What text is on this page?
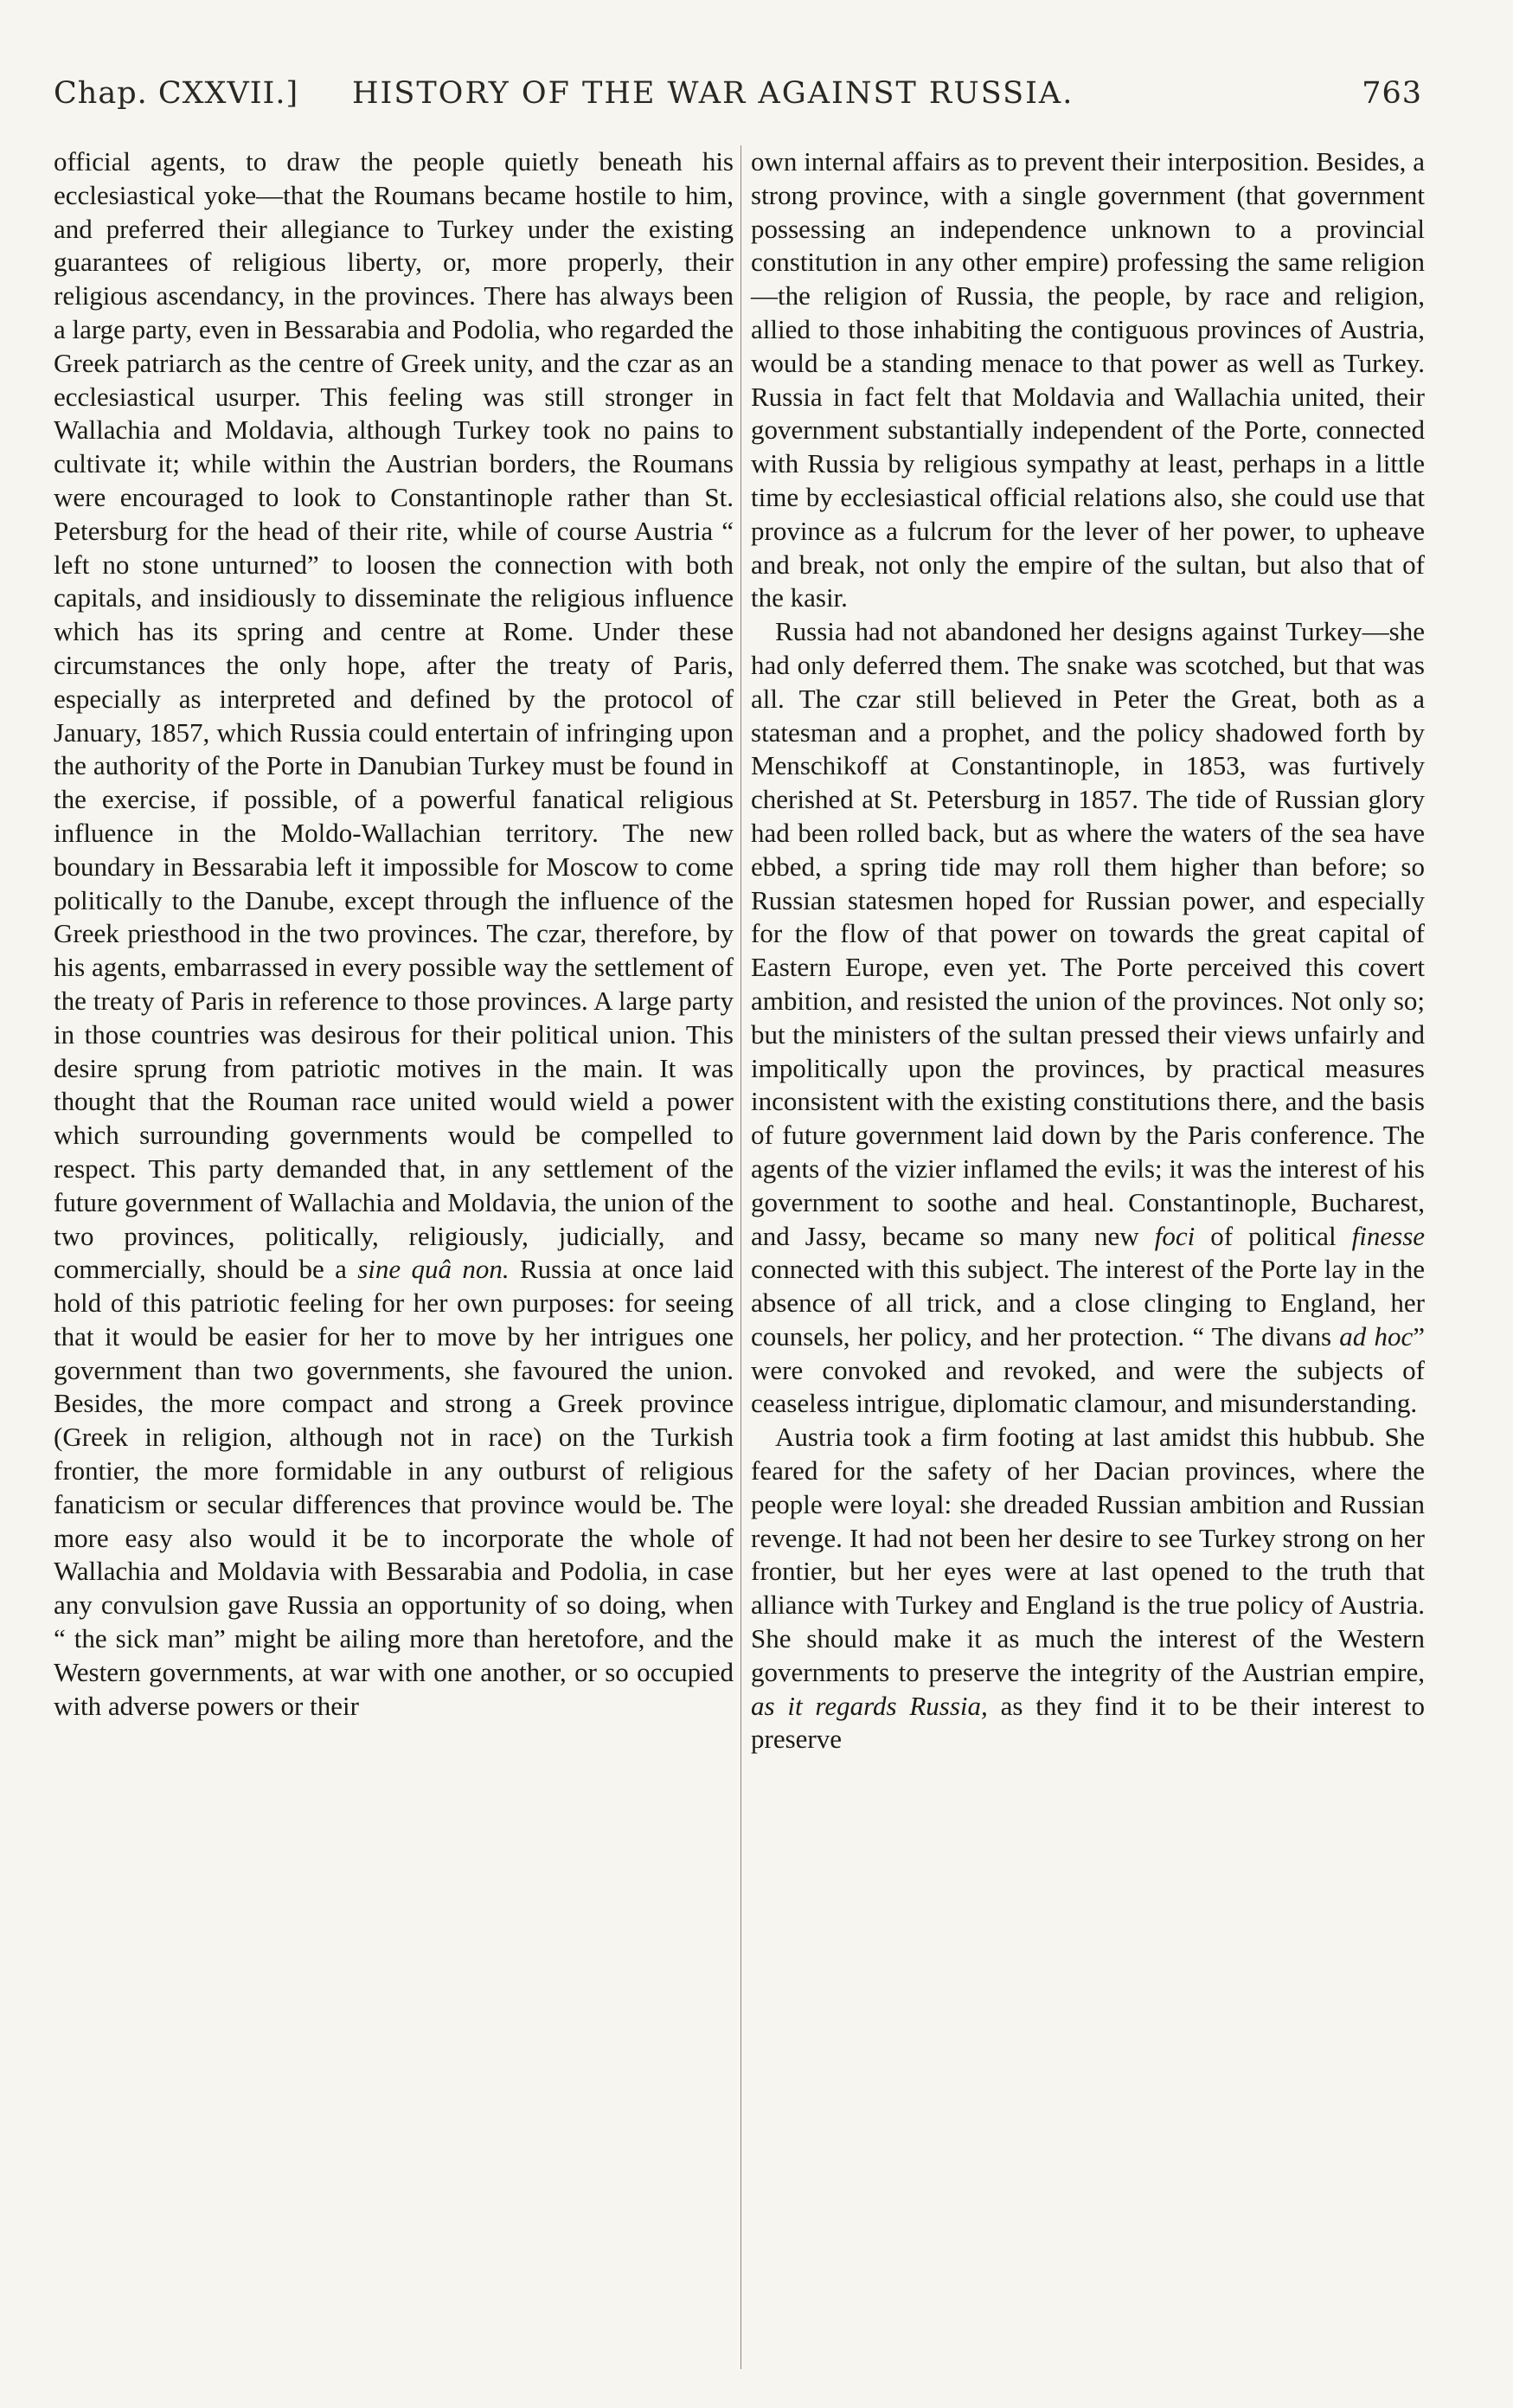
Chap. CXXVII.] HISTORY OF THE WAR AGAINST RUSSIA.	763

official agents, to draw the people quietly beneath his ecclesiastical yoke—that the Roumans became hostile to him, and preferred their allegiance to Turkey under the existing guarantees of religious liberty, or, more properly, their religious ascendancy, in the provinces. There has always been a large party, even in Bessarabia and Podolia, who regarded the Greek patriarch as the centre of Greek unity, and the czar as an ecclesiastical usurper. This feeling was still stronger in Wallachia and Moldavia, although Turkey took no pains to cultivate it; while within the Austrian borders, the Roumans were encouraged to look to Constantinople rather than St. Petersburg for the head of their rite, while of course Austria “ left no stone unturned” to loosen the connection with both capitals, and insidiously to disseminate the religious influence which has its spring and centre at Rome. Under these circumstances the only hope, after the treaty of Paris, especially as interpreted and defined by the protocol of January, 1857, which Russia could entertain of infringing upon the authority of the Porte in Danubian Turkey must be found in the exercise, if possible, of a powerful fanatical religious influence in the Moldo-Wallachian territory. The new boundary in Bessarabia left it impossible for Moscow to come politically to the Danube, except through the influence of the Greek priesthood in the two provinces. The czar, therefore, by his agents, embarrassed in every possible way the settlement of the treaty of Paris in reference to those provinces. A large party in those countries was desirous for their political union. This desire sprung from patriotic motives in the main. It was thought that the Rouman race united would wield a power which surrounding governments would be compelled to respect. This party demanded that, in any settlement of the future government of Wallachia and Moldavia, the union of the two provinces, politically, religiously, judicially, and commercially, should be a sine quâ non. Russia at once laid hold of this patriotic feeling for her own purposes: for seeing that it would be easier for her to move by her intrigues one government than two governments, she favoured the union. Besides, the more compact and strong a Greek province (Greek in religion, although not in race) on the Turkish frontier, the more formidable in any outburst of religious fanaticism or secular differences that province would be. The more easy also would it be to incorporate the whole of Wallachia and Moldavia with Bessarabia and Podolia, in case any convulsion gave Russia an opportunity of so doing, when “ the sick man” might be ailing more than heretofore, and the Western governments, at war with one another, or so occupied with adverse powers or their

own internal affairs as to prevent their interposition. Besides, a strong province, with a single government (that government possessing an independence unknown to a provincial constitution in any other empire) professing the same religion—the religion of Russia, the people, by race and religion, allied to those inhabiting the contiguous provinces of Austria, would be a standing menace to that power as well as Turkey. Russia in fact felt that Moldavia and Wallachia united, their government substantially independent of the Porte, connected with Russia by religious sympathy at least, perhaps in a little time by ecclesiastical official relations also, she could use that province as a fulcrum for the lever of her power, to upheave and break, not only the empire of the sultan, but also that of the kasir.

Russia had not abandoned her designs against Turkey—she had only deferred them. The snake was scotched, but that was all. The czar still believed in Peter the Great, both as a statesman and a prophet, and the policy shadowed forth by Menschikoff at Constantinople, in 1853, was furtively cherished at St. Petersburg in 1857. The tide of Russian glory had been rolled back, but as where the waters of the sea have ebbed, a spring tide may roll them higher than before; so Russian statesmen hoped for Russian power, and especially for the flow of that power on towards the great capital of Eastern Europe, even yet. The Porte perceived this covert ambition, and resisted the union of the provinces. Not only so; but the ministers of the sultan pressed their views unfairly and impolitically upon the provinces, by practical measures inconsistent with the existing constitutions there, and the basis of future government laid down by the Paris conference. The agents of the vizier inflamed the evils; it was the interest of his government to soothe and heal. Constantinople, Bucharest, and Jassy, became so many new foci of political finesse connected with this subject. The interest of the Porte lay in the absence of all trick, and a close clinging to England, her counsels, her policy, and her protection. “ The divans ad hoc” were convoked and revoked, and were the subjects of ceaseless intrigue, diplomatic clamour, and misunderstanding.

Austria took a firm footing at last amidst this hubbub. She feared for the safety of her Dacian provinces, where the people were loyal: she dreaded Russian ambition and Russian revenge. It had not been her desire to see Turkey strong on her frontier, but her eyes were at last opened to the truth that alliance with Turkey and England is the true policy of Austria. She should make it as much the interest of the Western governments to preserve the integrity of the Austrian empire, as it regards Russia, as they find it to be their interest to preserve
